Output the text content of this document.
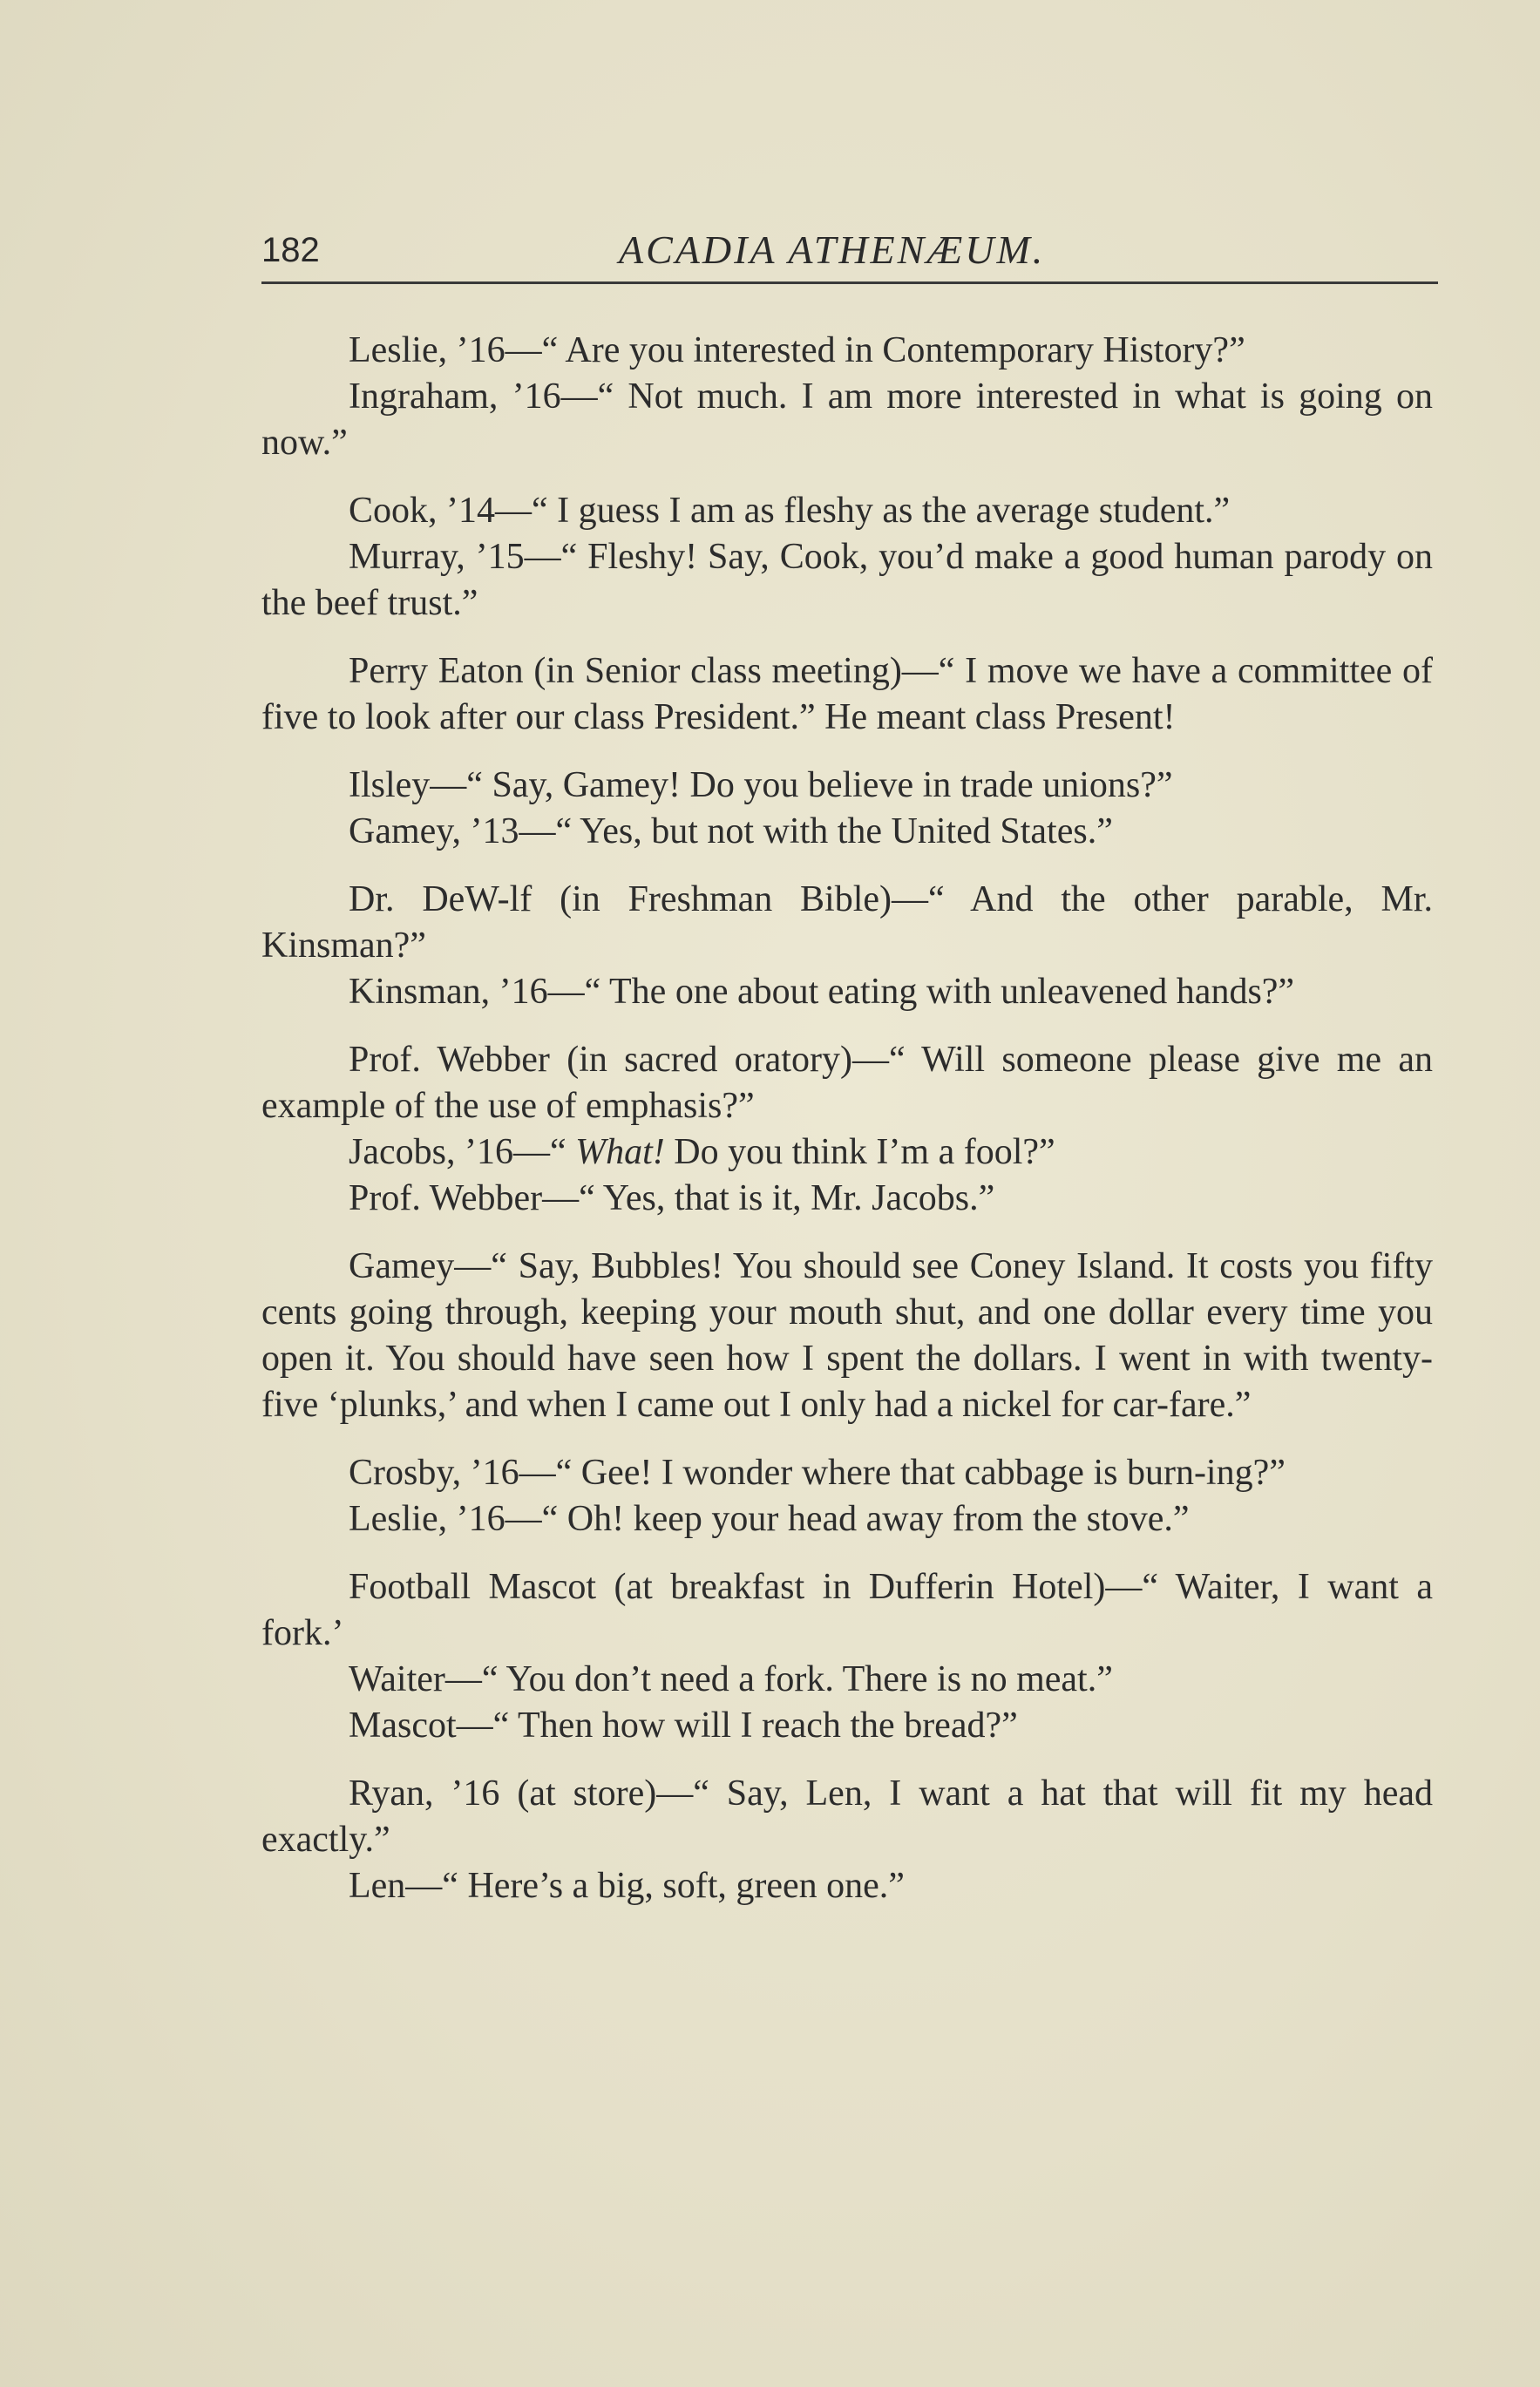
182	ACADIA ATHENÆUM.

Leslie, ’16—“ Are you interested in Contemporary History?”

Ingraham, ’16—“ Not much. I am more interested in what is going on now.”

Cook, ’14—“ I guess I am as fleshy as the average student.”

Murray, ’15—“ Fleshy! Say, Cook, you’d make a good human parody on the beef trust.”

Perry Eaton (in Senior class meeting)—“ I move we have a committee of five to look after our class President.” He meant class Present!

Ilsley—“ Say, Gamey! Do you believe in trade unions?”

Gamey, ’13—“ Yes, but not with the United States.”

Dr. DeW-lf (in Freshman Bible)—“ And the other parable, Mr. Kinsman?”

Kinsman, ’16—“ The one about eating with unleavened hands?”

Prof. Webber (in sacred oratory)—“ Will someone please give me an example of the use of emphasis?”

Jacobs, ’16—“ What! Do you think I’m a fool?”

Prof. Webber—“ Yes, that is it, Mr. Jacobs.”

Gamey—“ Say, Bubbles! You should see Coney Island. It costs you fifty cents going through, keeping your mouth shut, and one dollar every time you open it. You should have seen how I spent the dollars. I went in with twenty-five ‘plunks,’ and when I came out I only had a nickel for car-fare.”

Crosby, ’16—“ Gee! I wonder where that cabbage is burn-ing?”

Leslie, ’16—“ Oh! keep your head away from the stove.”

Football Mascot (at breakfast in Dufferin Hotel)—“ Waiter, I want a fork.’

Waiter—“ You don’t need a fork. There is no meat.”

Mascot—“ Then how will I reach the bread?”

Ryan, ’16 (at store)—“ Say, Len, I want a hat that will fit my head exactly.”

Len—“ Here’s a big, soft, green one.”
